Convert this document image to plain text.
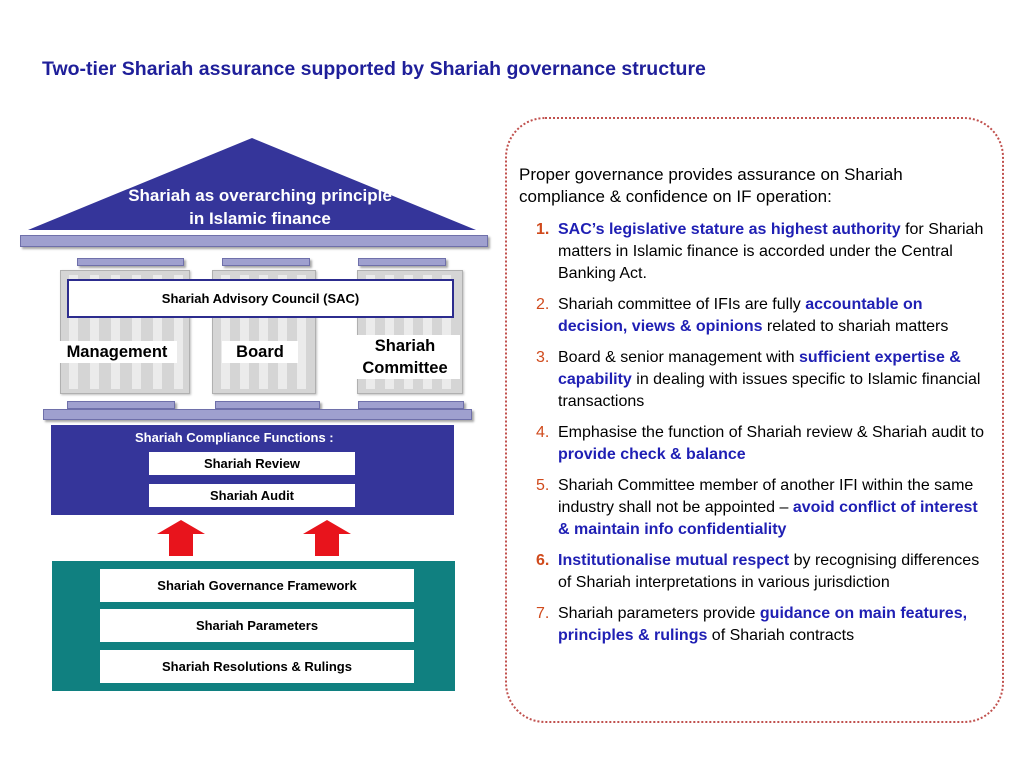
Two-tier Shariah assurance supported by Shariah governance structure
Shariah as overarching principle in Islamic finance
Shariah Advisory Council (SAC)
Management	Board	Shariah Committee
Shariah Compliance Functions :
Shariah Review
Shariah Audit
Shariah Governance Framework
Shariah Parameters
Shariah Resolutions & Rulings
Proper governance provides assurance on Shariah compliance & confidence on IF operation:
1. SAC’s legislative stature as highest authority for Shariah matters in Islamic finance is accorded under the Central Banking Act.
2. Shariah committee of IFIs are fully accountable on decision, views & opinions related to shariah matters
3. Board & senior management with sufficient expertise & capability in dealing with issues specific to Islamic financial transactions
4. Emphasise the function of Shariah review & Shariah audit to provide check & balance
5. Shariah Committee member of another IFI within the same industry shall not be appointed – avoid conflict of interest & maintain info confidentiality
6. Institutionalise mutual respect by recognising differences of Shariah interpretations in various jurisdiction
7. Shariah parameters provide guidance on main features, principles & rulings of Shariah contracts
